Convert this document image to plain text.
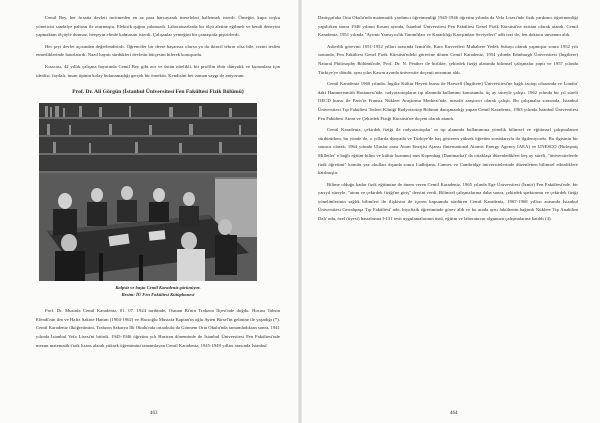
Cemil Bey, her fırsatta devleti incitmeden en az para harcayarak meseleleri halletmek isterdi. Örneğin, kupa coşku yöneticisi sandalye paltosu ile oturmuştu. Elektrik ışığını yakmazdı. Laboratuarlarda bir ölçü aletine eğilmek ve kendi deneyini yapmaktan ölçüyle durmaz, herşeyin elinde kalmasını isterdi. Çalışanlar yemeğini bir çamaşırda pişirirlerdi.

Her şeyi devlet açısından değerlendirirdi. Öğrenciler bir derse başarısız olursa ya da ikincil tekrar olsa bile, tezini teslim etmediklerinde hatırlatırdı. Nazıl hayatı sürdükleri devletin bütçesini bilerek konuşurdu.

Kısacası, 42 yıllık çalışma hayatında Cemil Bey gibi zor ve üstün nitelikli, bir profilin öbür dünyalık ve kurumlara için idealist, faydalı, insan tipinin kolay bulunamadığı gerçek bir örnektir. Kendisini her zaman saygı ile anıyorum.

Prof. Dr. Ali Görgün (İstanbul Üniversitesi Fen Fakültesi Fizik Bölümü)
Kalpsiz ve başta Cemil Karadeniz görünüyor.
Resim: İÜ Fen Fakültesi Kütüphanesi

Prof. Dr. Mustafa Cemil Karadeniz, 01. 07. 1924 tarihinde, Osman Bi'nin Trabzon İlçesi'nde doğdu. Hocası Tahsin Efendi'nin ilm ve Hafız Sakine Hanım (1904-1962) ve Hacıoğlu Mustafa Kaptan'ın oğlu Ayten Birsel'in gelinine ile yaşadığı (*). Cemil Karadeniz ilköğretimini, Trabzon Sakarya İlk Okulu'nda ortaokulu da Gönnem Orta Okulu'nda tamamladıktan sonra, 1941 yılında İstanbul Vefa Lisesi'ni bitirdi. 1945-1946 öğretim yılı Haziran döneminde de İstanbul Üniversitesi Fen Fakültesi'nde mezun matematik-fizik lisans alarak yüksek öğrenimini tamamlayan Cemil Karadeniz, 1945-1949 yılları arasında İstanbul

463

Darüşşafaka Orta Okulu'nda matematik yardımcı öğretmenliği 1945-1946 öğretim yılında da Vefa Lisesi'nde fizik yardımcı öğretmenliği yapılırken sonra 1946 yılının Kasım ayında, İstanbul Üniversitesi Fen Fakültesi Genel Fizik Kürsüsü'ne asistan olarak atandı. Cemil Karadeniz, 1951 yılında "Ayrıntı Yansıyıcılık Tanımlıları ve Kararlılığı Karışımları Seviyeleri" adlı tezi ile, fen doktoru unvanını aldı.

Askerlik görevini 1951-1952 yılları arasında İzmir'de, Kara Kuvvetleri Muhabere Yedek Subayı olarak yapmıştır sonra 1952 yılı sonunda, Fen Fakültesi Genel Fizik Kürsüsü'ndeki görevine dönen Cemil Karadeniz, 1954 yılında Edinburgh Üniversitesi (İngiltere) Natural Philosophy Bölümü'nde, Prof. Dr. N. Feather ile birlikte, çekirdek fiziği alanında bilimsel çalışmalar yaptı ve 1957 yılında Türkiye'ye döndü; aynı yılın Kasım ayında üniversite doçenti unvanını aldı.

Cemil Karadeniz 1960 yılında, İngiliz Kültür Heyeti bursu ile Harwell (İngiltere) Üniversitesi'ne bağlı izotop cihazında ve Londra' daki Hammersmith Hastanesi'nde, radyoizotopların tıp alanında kullanımı konusunda, üç ay süreyle çalıştı. 1962 yılında bir yıl süreli OECD bursu ile Paris'te Fransız Nükleer Araştırma Merkezi'nde, misafir araştırıcı olarak çalıştı. Bu çalışmalar sırasında, İstanbul Üniversitesi Tıp Fakültesi Tedavi Kliniği Radyoizotop Bölümü danışmanlığı yapan Cemil Karadeniz, 1963 yılında İstanbul Üniversitesi Fen Fakültesi Atom ve Çekirdek Fiziği Kürsüsü'ne doçent olarak atandı.

Cemil Karadeniz, çekirdek fiziği ile radyoizotoplar' ın tıp alanında kullanımına yönelik bilimsel ve eğitimsel çalışmalarını sürdürürken, bu yönde de, o yıllarda dünyada ve Türkiye'de baş gösteren yüksek öğretim sorunlarıyla da ilgileniyordu. Bu ilgisinin bir sonucu olarak, 1964 yılında Uluslar arası Atom Enerjisi Ajansı (International Atomic Energy Agency IAEA) ve UNESCO (Birleşmiş Milletler' e bağlı eğitim-bilim ve kültür kurumu) nun Kopenhag (Danimarka)' da ortaklaşa düzenledikleri beş ay süreli, "üniversitelerde fizik öğretimi" konulu yaz okulları dışında sonra Ludbijana, Cannes ve Cambridge üniversitelerinde düzenlenen bilimsel etkinliklere katılmıştır.

Bilime olduğu kadar fizik eğitimine de önem veren Cemil Karadeniz, 1965 yılında Ege Üniversitesi (İzmir) Fen Fakültesi'nde, bir yarıyıl süreyle, "atom ve çekirdek fiziği'ne giriş" dersini verdi. Bilimsel çalışmalarına daha sonra, çekirdek spektrumu ve çekirdek fiziği yönelimlerinin sağlık bilimleri ile ilişkisini de içeren kapsamda sürdüren Cemil Karadeniz, 1967-1968 yılları arasında İstanbul Üniversitesi Cerrahpaşa Tıp Fakültesi' nde, biyofizik öğretiminde görev aldı ve bu arada aynı fakültenin bağımlı Nükleer Tıp Anabilim Dalı' nda, özel (üyesi) hastalarına I-131 testi uygulamalarının üstü, eğitim ve laboratuvar olgunuzu çalışmalarına katıldı (4).

464
